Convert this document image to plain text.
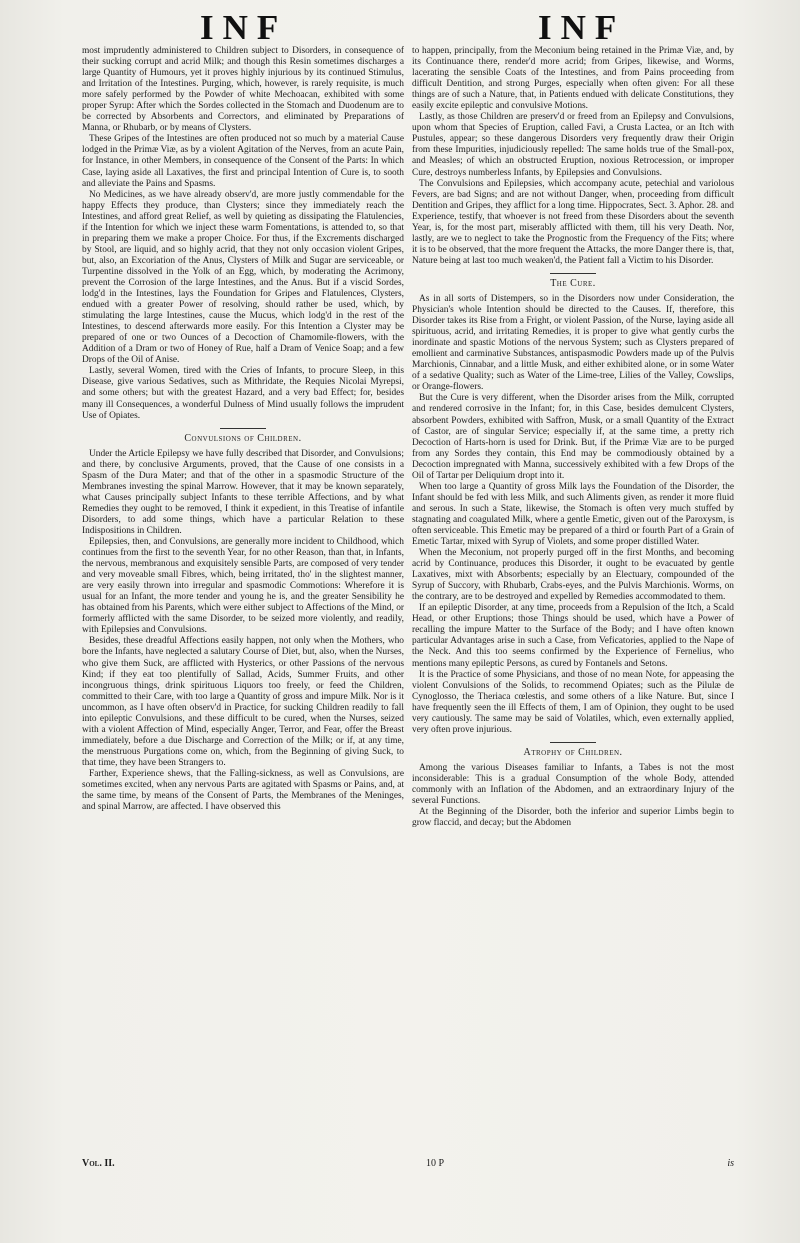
INF	INF

most imprudently administered to Children subject to Disorders, in consequence of their sucking corrupt and acrid Milk; and though this Resin sometimes discharges a large Quantity of Humours, yet it proves highly injurious by its continued Stimulus, and Irritation of the Intestines. Purging, which, however, is rarely requisite, is much more safely performed by the Powder of white Mechoacan, exhibited with some proper Syrup: After which the Sordes collected in the Stomach and Duodenum are to be corrected by Absorbents and Correctors, and eliminated by Preparations of Manna, or Rhubarb, or by means of Clysters.

These Gripes of the Intestines are often produced not so much by a material Cause lodged in the Primæ Viæ, as by a violent Agitation of the Nerves, from an acute Pain, for Instance, in other Members, in consequence of the Consent of the Parts: In which Case, laying aside all Laxatives, the first and principal Intention of Cure is, to sooth and alleviate the Pains and Spasms.

No Medicines, as we have already observ'd, are more justly commendable for the happy Effects they produce, than Clysters; since they immediately reach the Intestines, and afford great Relief, as well by quieting as dissipating the Flatulencies, if the Intention for which we inject these warm Fomentations, is attended to, so that in preparing them we make a proper Choice. For thus, if the Excrements discharged by Stool, are liquid, and so highly acrid, that they not only occasion violent Gripes, but, also, an Excoriation of the Anus, Clysters of Milk and Sugar are serviceable, or Turpentine dissolved in the Yolk of an Egg, which, by moderating the Acrimony, prevent the Corrosion of the large Intestines, and the Anus. But if a viscid Sordes, lodg'd in the Intestines, lays the Foundation for Gripes and Flatulences, Clysters, endued with a greater Power of resolving, should rather be used, which, by stimulating the large Intestines, cause the Mucus, which lodg'd in the rest of the Intestines, to descend afterwards more easily. For this Intention a Clyster may be prepared of one or two Ounces of a Decoction of Chamomile-flowers, with the Addition of a Dram or two of Honey of Rue, half a Dram of Venice Soap; and a few Drops of the Oil of Anise.

Lastly, several Women, tired with the Cries of Infants, to procure Sleep, in this Disease, give various Sedatives, such as Mithridate, the Requies Nicolai Myrepsi, and some others; but with the greatest Hazard, and a very bad Effect; for, besides many ill Consequences, a wonderful Dulness of Mind usually follows the imprudent Use of Opiates.

Convulsions of Children.

Under the Article Epilepsy we have fully described that Disorder, and Convulsions; and there, by conclusive Arguments, proved, that the Cause of one consists in a Spasm of the Dura Mater; and that of the other in a spasmodic Structure of the Membranes investing the spinal Marrow. However, that it may be known separately, what Causes principally subject Infants to these terrible Affections, and by what Remedies they ought to be removed, I think it expedient, in this Treatise of infantile Disorders, to add some things, which have a particular Relation to these Indispositions in Children.

Epilepsies, then, and Convulsions, are generally more incident to Childhood, which continues from the first to the seventh Year, for no other Reason, than that, in Infants, the nervous, membranous and exquisitely sensible Parts, are composed of very tender and very moveable small Fibres, which, being irritated, tho' in the slightest manner, are very easily thrown into irregular and spasmodic Commotions: Wherefore it is usual for an Infant, the more tender and young he is, and the greater Sensibility he has obtained from his Parents, which were either subject to Affections of the Mind, or formerly afflicted with the same Disorder, to be seized more violently, and readily, with Epilepsies and Convulsions.

Besides, these dreadful Affections easily happen, not only when the Mothers, who bore the Infants, have neglected a salutary Course of Diet, but, also, when the Nurses, who give them Suck, are afflicted with Hysterics, or other Passions of the nervous Kind; if they eat too plentifully of Sallad, Acids, Summer Fruits, and other incongruous things, drink spirituous Liquors too freely, or feed the Children, committed to their Care, with too large a Quantity of gross and impure Milk. Nor is it uncommon, as I have often observ'd in Practice, for sucking Children readily to fall into epileptic Convulsions, and these difficult to be cured, when the Nurses, seized with a violent Affection of Mind, especially Anger, Terror, and Fear, offer the Breast immediately, before a due Discharge and Correction of the Milk; or if, at any time, the menstruous Purgations come on, which, from the Beginning of giving Suck, to that time, they have been Strangers to.

Farther, Experience shews, that the Falling-sickness, as well as Convulsions, are sometimes excited, when any nervous Parts are agitated with Spasms or Pains, and, at the same time, by means of the Consent of Parts, the Membranes of the Meninges, and spinal Marrow, are affected. I have observed this

to happen, principally, from the Meconium being retained in the Primæ Viæ, and, by its Continuance there, render'd more acrid; from Gripes, likewise, and Worms, lacerating the sensible Coats of the Intestines, and from Pains proceeding from difficult Dentition, and strong Purges, especially when often given: For all these things are of such a Nature, that, in Patients endued with delicate Constitutions, they easily excite epileptic and convulsive Motions.

Lastly, as those Children are preserv'd or freed from an Epilepsy and Convulsions, upon whom that Species of Eruption, called Favi, a Crusta Lactea, or an Itch with Pustules, appear; so these dangerous Disorders very frequently draw their Origin from these Impurities, injudiciously repelled: The same holds true of the Small-pox, and Measles; of which an obstructed Eruption, noxious Retrocession, or improper Cure, destroys numberless Infants, by Epilepsies and Convulsions.

The Convulsions and Epilepsies, which accompany acute, petechial and variolous Fevers, are bad Signs; and are not without Danger, when, proceeding from difficult Dentition and Gripes, they afflict for a long time. Hippocrates, Sect. 3. Aphor. 28. and Experience, testify, that whoever is not freed from these Disorders about the seventh Year, is, for the most part, miserably afflicted with them, till his very Death. Nor, lastly, are we to neglect to take the Prognostic from the Frequency of the Fits; where it is to be observed, that the more frequent the Attacks, the more Danger there is, that, Nature being at last too much weaken'd, the Patient fall a Victim to his Disorder.

The Cure.

As in all sorts of Distempers, so in the Disorders now under Consideration, the Physician's whole Intention should be directed to the Causes. If, therefore, this Disorder takes its Rise from a Fright, or violent Passion, of the Nurse, laying aside all spirituous, acrid, and irritating Remedies, it is proper to give what gently curbs the inordinate and spastic Motions of the nervous System; such as Clysters prepared of emollient and carminative Substances, antispasmodic Powders made up of the Pulvis Marchionis, Cinnabar, and a little Musk, and either exhibited alone, or in some Water of a sedative Quality; such as Water of the Lime-tree, Lilies of the Valley, Cowslips, or Orange-flowers.

But the Cure is very different, when the Disorder arises from the Milk, corrupted and rendered corrosive in the Infant; for, in this Case, besides demulcent Clysters, absorbent Powders, exhibited with Saffron, Musk, or a small Quantity of the Extract of Castor, are of singular Service; especially if, at the same time, a pretty rich Decoction of Harts-horn is used for Drink. But, if the Primæ Viæ are to be purged from any Sordes they contain, this End may be commodiously obtained by a Decoction impregnated with Manna, successively exhibited with a few Drops of the Oil of Tartar per Deliquium dropt into it.

When too large a Quantity of gross Milk lays the Foundation of the Disorder, the Infant should be fed with less Milk, and such Aliments given, as render it more fluid and serous. In such a State, likewise, the Stomach is often very much stuffed by stagnating and coagulated Milk, where a gentle Emetic, given out of the Paroxysm, is often serviceable. This Emetic may be prepared of a third or fourth Part of a Grain of Emetic Tartar, mixed with Syrup of Violets, and some proper distilled Water.

When the Meconium, not properly purged off in the first Months, and becoming acrid by Continuance, produces this Disorder, it ought to be evacuated by gentle Laxatives, mixt with Absorbents; especially by an Electuary, compounded of the Syrup of Succory, with Rhubarb, Crabs-eyes, and the Pulvis Marchionis. Worms, on the contrary, are to be destroyed and expelled by Remedies accommodated to them.

If an epileptic Disorder, at any time, proceeds from a Repulsion of the Itch, a Scald Head, or other Eruptions; those Things should be used, which have a Power of recalling the impure Matter to the Surface of the Body; and I have often known particular Advantages arise in such a Case, from Veficatories, applied to the Nape of the Neck. And this too seems confirmed by the Experience of Fernelius, who mentions many epileptic Persons, as cured by Fontanels and Setons.

It is the Practice of some Physicians, and those of no mean Note, for appeasing the violent Convulsions of the Solids, to recommend Opiates; such as the Pilulæ de Cynoglosso, the Theriaca cœlestis, and some others of a like Nature. But, since I have frequently seen the ill Effects of them, I am of Opinion, they ought to be used very cautiously. The same may be said of Volatiles, which, even externally applied, very often prove injurious.

Atrophy of Children.

Among the various Diseases familiar to Infants, a Tabes is not the most inconsiderable: This is a gradual Consumption of the whole Body, attended commonly with an Inflation of the Abdomen, and an extraordinary Injury of the several Functions.

At the Beginning of the Disorder, both the inferior and superior Limbs begin to grow flaccid, and decay; but the Abdomen

Vol. II.	10 P	is
